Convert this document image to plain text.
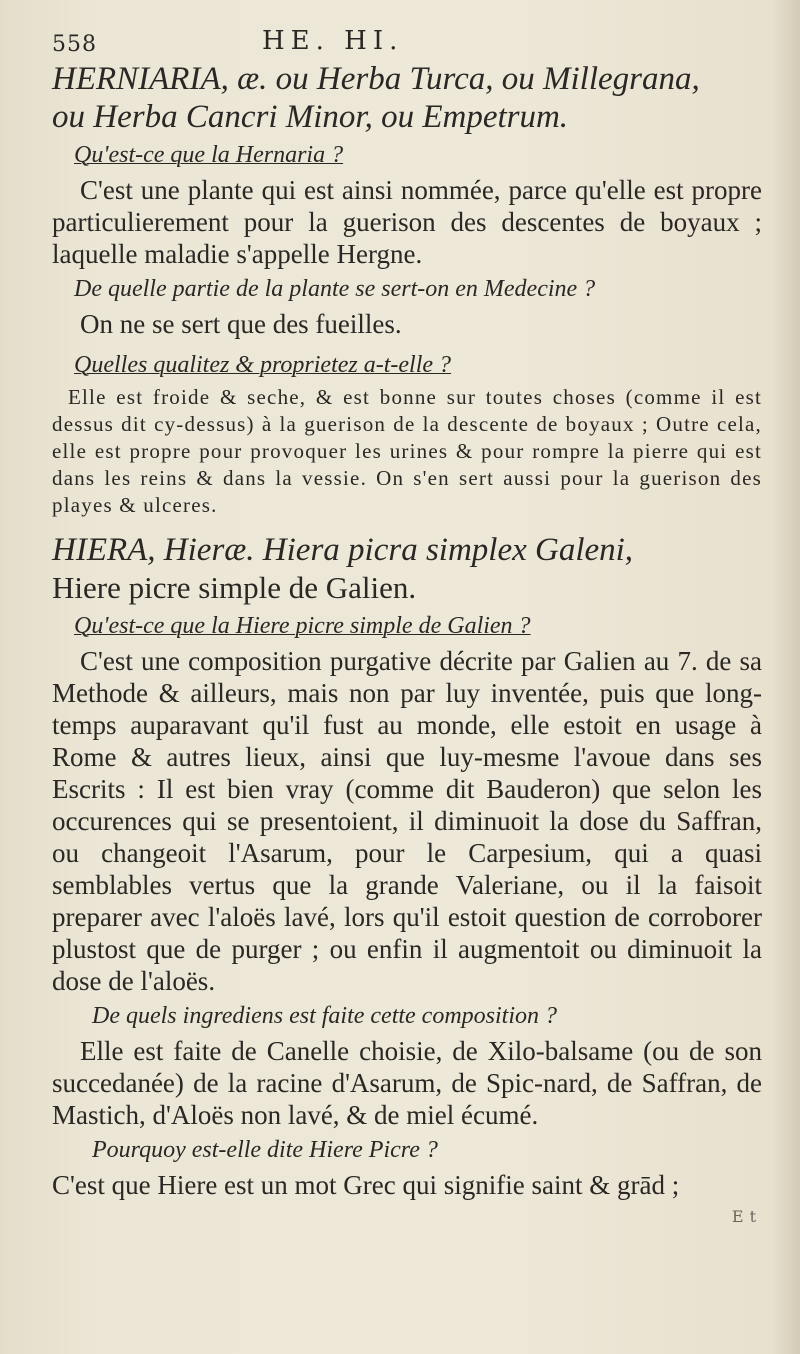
558	HE. HI.
HERNIARIA, æ. ou Herba Turca, ou Millegrana,
ou Herba Cancri Minor, ou Empetrum.

Qu'est-ce que la Hernaria ?

C'est une plante qui est ainsi nommée, parce qu'elle est propre particulierement pour la guerison des descentes de boyaux ; laquelle maladie s'appelle Hergne.

De quelle partie de la plante se sert-on en Medecine ?

On ne se sert que des fueilles.

Quelles qualitez & proprietez a-t-elle ?

Elle est froide & seche, & est bonne sur toutes choses (comme il est dessus dit cy-dessus) à la guerison de la descente de boyaux ; Outre cela, elle est propre pour provoquer les urines & pour rompre la pierre qui est dans les reins & dans la vessie. On s'en sert aussi pour la guerison des playes & ulceres.

HIERA, Hieræ. Hiera picra simplex Galeni,
Hiere picre simple de Galien.

Qu'est-ce que la Hiere picre simple de Galien ?

C'est une composition purgative décrite par Galien au 7. de sa Methode & ailleurs, mais non par luy inventée, puis que long-temps auparavant qu'il fust au monde, elle estoit en usage à Rome & autres lieux, ainsi que luy-mesme l'avoue dans ses Escrits : Il est bien vray (comme dit Bauderon) que selon les occurences qui se presentoient, il diminuoit la dose du Saffran, ou changeoit l'Asarum, pour le Carpesium, qui a quasi semblables vertus que la grande Valeriane, ou il la faisoit preparer avec l'aloës lavé, lors qu'il estoit question de corroborer plustost que de purger ; ou enfin il augmentoit ou diminuoit la dose de l'aloës.

De quels ingrediens est faite cette composition ?

Elle est faite de Canelle choisie, de Xilo-balsame (ou de son succedanée) de la racine d'Asarum, de Spic-nard, de Saffran, de Mastich, d'Aloës non lavé, & de miel écumé.

Pourquoy est-elle dite Hiere Picre ?

C'est que Hiere est un mot Grec qui signifie saint & grād ;

Et
